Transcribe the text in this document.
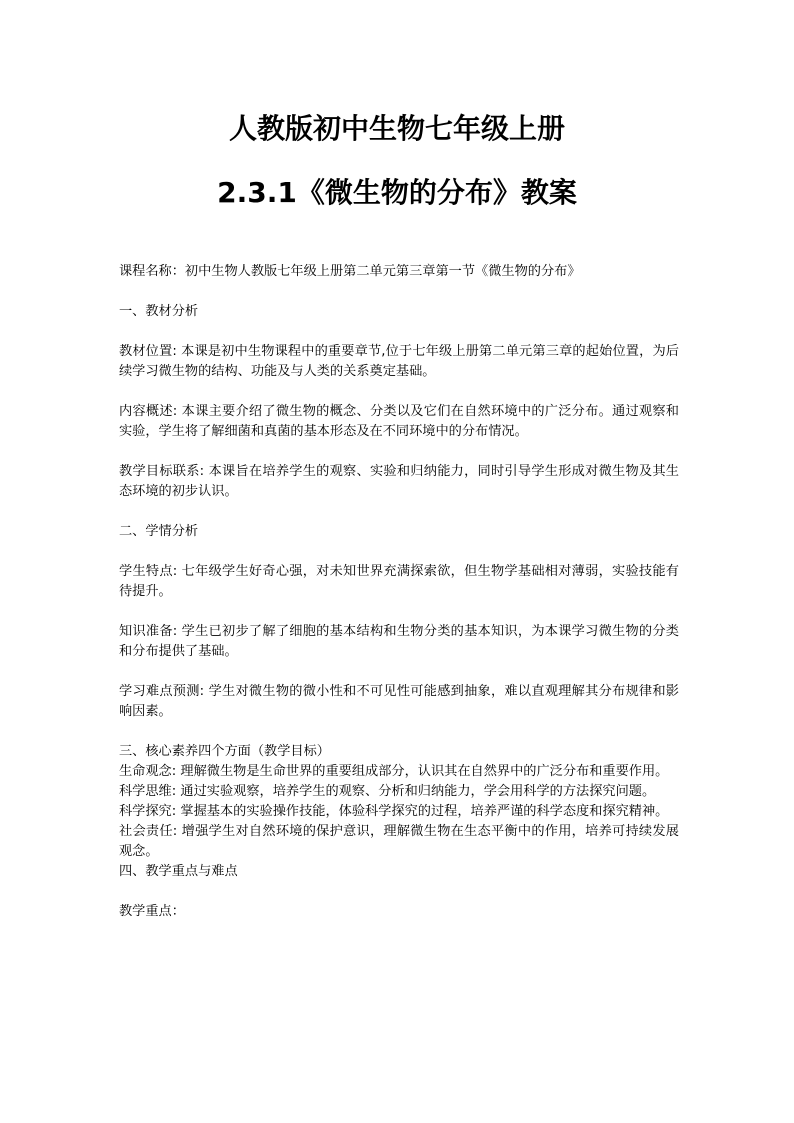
人教版初中生物七年级上册
2.3.1《微生物的分布》教案

课程名称：初中生物人教版七年级上册第二单元第三章第一节《微生物的分布》

一、教材分析

教材位置: 本课是初中生物课程中的重要章节,位于七年级上册第二单元第三章的起始位置，为后续学习微生物的结构、功能及与人类的关系奠定基础。

内容概述: 本课主要介绍了微生物的概念、分类以及它们在自然环境中的广泛分布。通过观察和实验，学生将了解细菌和真菌的基本形态及在不同环境中的分布情况。

教学目标联系: 本课旨在培养学生的观察、实验和归纳能力，同时引导学生形成对微生物及其生态环境的初步认识。

二、学情分析

学生特点: 七年级学生好奇心强，对未知世界充满探索欲，但生物学基础相对薄弱，实验技能有待提升。

知识准备: 学生已初步了解了细胞的基本结构和生物分类的基本知识，为本课学习微生物的分类和分布提供了基础。

学习难点预测: 学生对微生物的微小性和不可见性可能感到抽象，难以直观理解其分布规律和影响因素。

三、核心素养四个方面（教学目标）

生命观念: 理解微生物是生命世界的重要组成部分，认识其在自然界中的广泛分布和重要作用。

科学思维: 通过实验观察，培养学生的观察、分析和归纳能力，学会用科学的方法探究问题。

科学探究: 掌握基本的实验操作技能，体验科学探究的过程，培养严谨的科学态度和探究精神。

社会责任: 增强学生对自然环境的保护意识，理解微生物在生态平衡中的作用，培养可持续发展观念。

四、教学重点与难点

教学重点：
